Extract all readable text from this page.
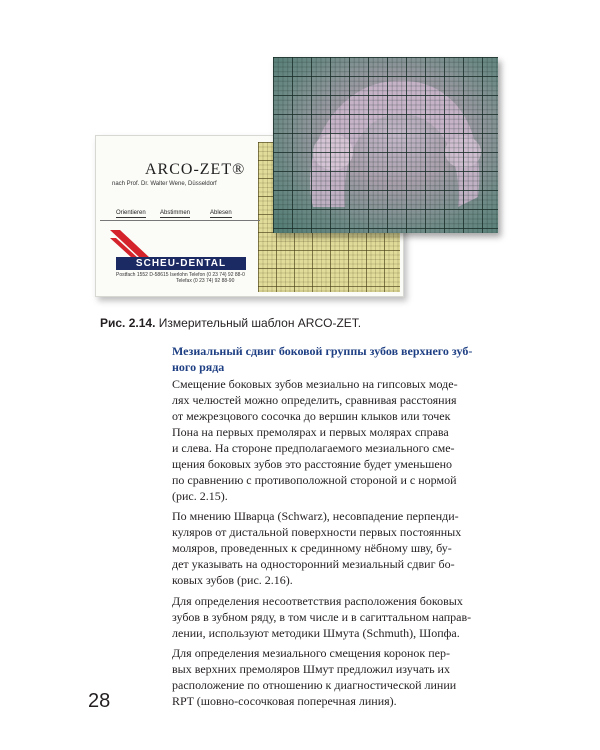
ARCO-ZET®
nach Prof. Dr. Walter Wene, Düsseldorf
Orientieren Abstimmen	Ablesen
SCHEU-DENTAL
Postfach 1552 D-58615 Iserlohn Telefon (0 23 74) 92 88-0
Telefax (0 23 74) 92 88-90
Рис. 2.14. Измерительный шаблон ARCO-ZET.
Мезиальный сдвиг боковой группы зубов верхнего зуб-
ного ряда
Смещение боковых зубов мезиально на гипсовых моде-
лях челюстей можно определить, сравнивая расстояния
от межрезцового сосочка до вершин клыков или точек
Пона на первых премолярах и первых молярах справа
и слева. На стороне предполагаемого мезиального сме-
щения боковых зубов это расстояние будет уменьшено
по сравнению с противоположной стороной и с нормой
(рис. 2.15).
По мнению Шварца (Schwarz), несовпадение перпенди-
куляров от дистальной поверхности первых постоянных
моляров, проведенных к срединному нёбному шву, бу-
дет указывать на односторонний мезиальный сдвиг бо-
ковых зубов (рис. 2.16).
Для определения несоответствия расположения боковых
зубов в зубном ряду, в том числе и в сагиттальном направ-
лении, используют методики Шмута (Schmuth), Шопфа.
Для определения мезиального смещения коронок пер-
вых верхних премоляров Шмут предложил изучать их
расположение по отношению к диагностической линии
RPT (шовно-сосочковая поперечная линия).
28
